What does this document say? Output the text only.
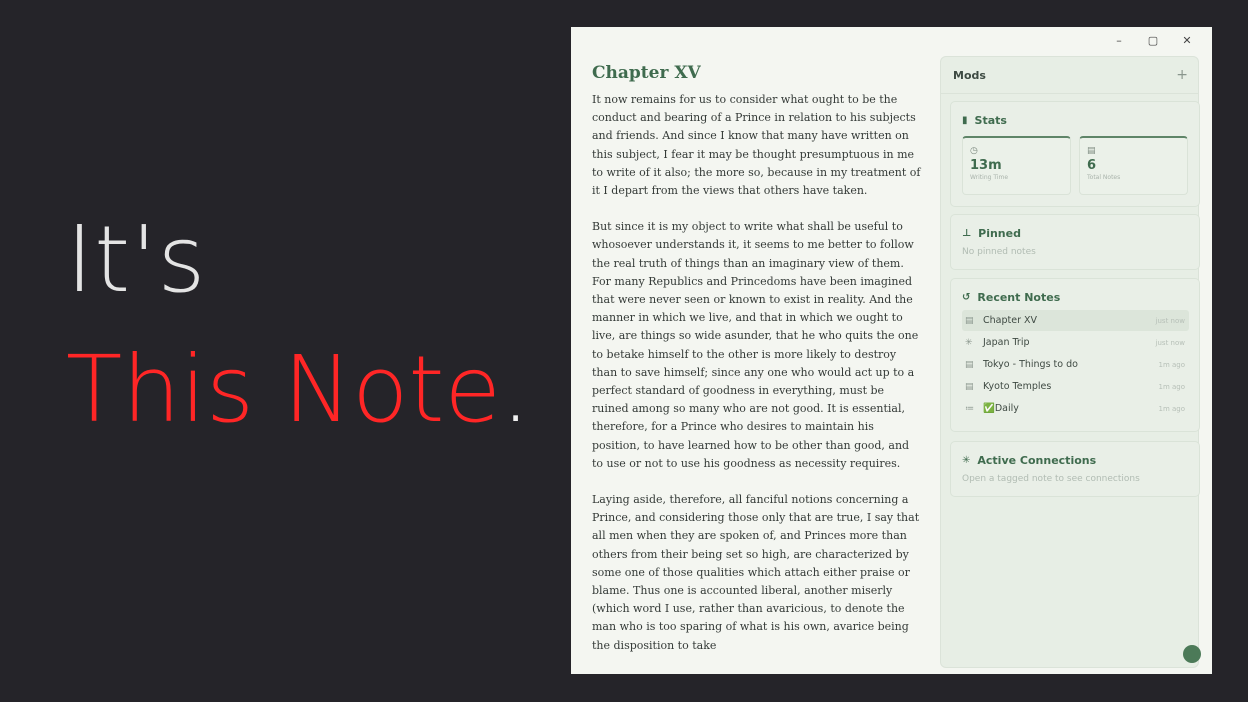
It's
This Note.
–	▢	✕
Chapter XV

It now remains for us to consider what ought to be the conduct and bearing of a Prince in relation to his subjects and friends. And since I know that many have written on this subject, I fear it may be thought presumptuous in me to write of it also; the more so, because in my treatment of it I depart from the views that others have taken.

But since it is my object to write what shall be useful to whosoever understands it, it seems to me better to follow the real truth of things than an imaginary view of them. For many Republics and Princedoms have been imagined that were never seen or known to exist in reality. And the manner in which we live, and that in which we ought to live, are things so wide asunder, that he who quits the one to betake himself to the other is more likely to destroy than to save himself; since any one who would act up to a perfect standard of goodness in everything, must be ruined among so many who are not good. It is essential, therefore, for a Prince who desires to maintain his position, to have learned how to be other than good, and to use or not to use his goodness as necessity requires.

Laying aside, therefore, all fanciful notions concerning a Prince, and considering those only that are true, I say that all men when they are spoken of, and Princes more than others from their being set so high, are characterized by some one of those qualities which attach either praise or blame. Thus one is accounted liberal, another miserly (which word I use, rather than avaricious, to denote the man who is too sparing of what is his own, avarice being the disposition to take

Mods	+
▮ Stats
◷
13m
Writing Time
▤
6
Total Notes
⊥ Pinned
No pinned notes
↺ Recent Notes
▤ Chapter XV	just now
✳	Japan Trip	just now
▤ Tokyo - Things to do	1m ago
▤ Kyoto Temples	1m ago
≔ ✅Daily	1m ago
✳ Active Connections
Open a tagged note to see connections
